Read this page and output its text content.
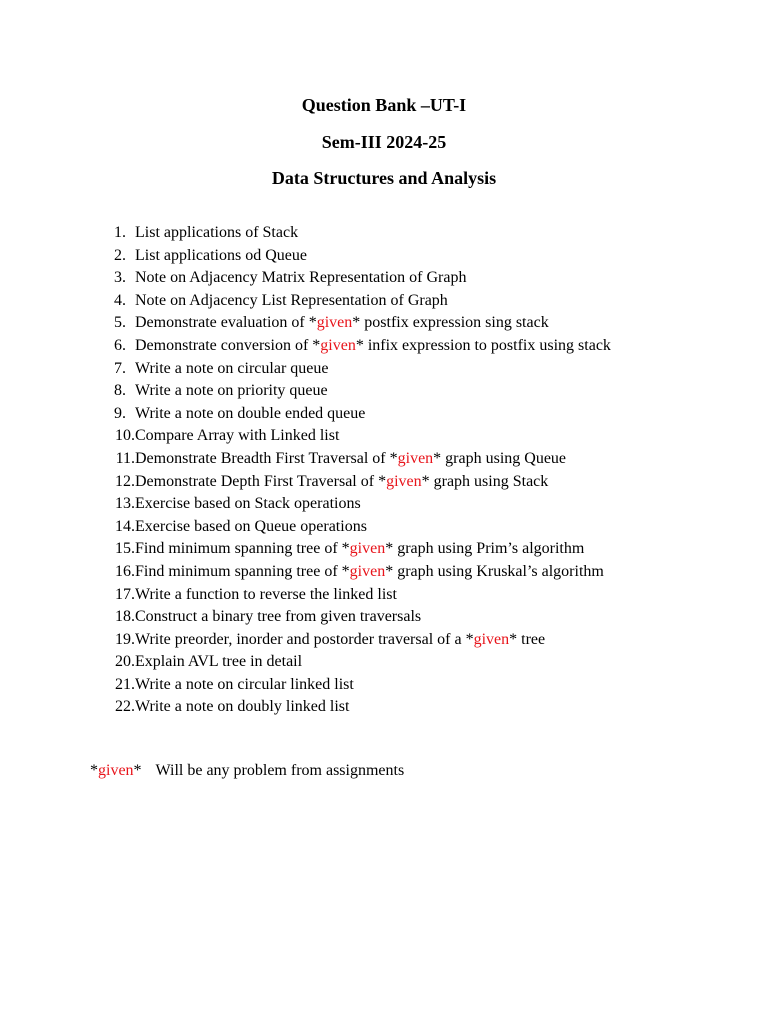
Question Bank –UT-I
Sem-III 2024-25
Data Structures and Analysis
1. List applications of Stack
2. List applications od Queue
3. Note on Adjacency Matrix Representation of Graph
4. Note on Adjacency List Representation of Graph
5. Demonstrate evaluation of *given* postfix expression sing stack
6. Demonstrate conversion of *given* infix expression to postfix using stack
7. Write a note on circular queue
8. Write a note on priority queue
9. Write a note on double ended queue
10. Compare Array with Linked list
11. Demonstrate Breadth First Traversal of *given* graph using Queue
12. Demonstrate Depth First Traversal of *given* graph using Stack
13. Exercise based on Stack operations
14. Exercise based on Queue operations
15. Find minimum spanning tree of *given* graph using Prim’s algorithm
16. Find minimum spanning tree of *given* graph using Kruskal’s algorithm
17. Write a function to reverse the linked list
18. Construct a binary tree from given traversals
19. Write preorder, inorder and postorder traversal of a *given* tree
20. Explain AVL tree in detail
21. Write a note on circular linked list
22. Write a note on doubly linked list
*given* Will be any problem from assignments
